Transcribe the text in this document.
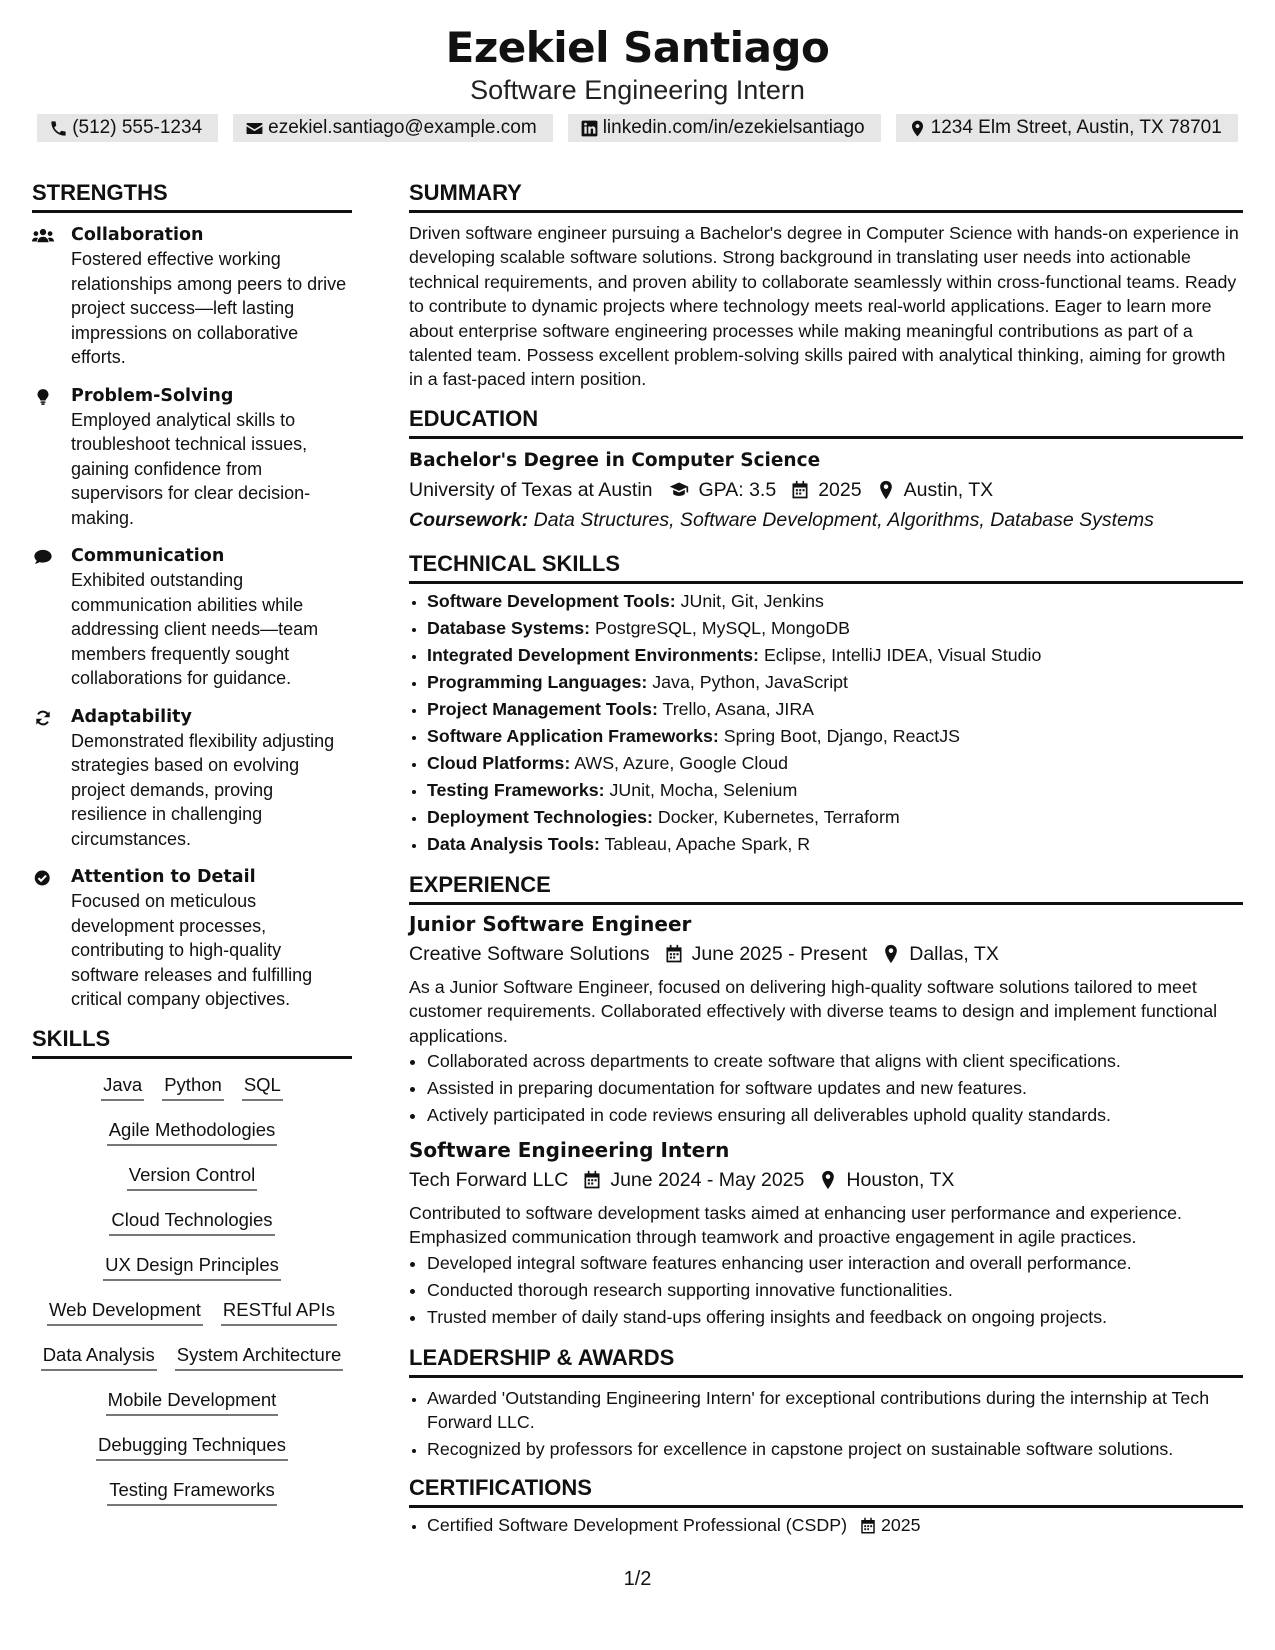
Ezekiel Santiago
Software Engineering Intern
(512) 555-1234	ezekiel.santiago@example.com	linkedin.com/in/ezekielsantiago	1234 Elm Street, Austin, TX 78701
STRENGTHS
Collaboration
Fostered effective working relationships among peers to drive project success—left lasting impressions on collaborative efforts.
Problem-Solving
Employed analytical skills to troubleshoot technical issues, gaining confidence from supervisors for clear decision-making.
Communication
Exhibited outstanding communication abilities while addressing client needs—team members frequently sought collaborations for guidance.
Adaptability
Demonstrated flexibility adjusting strategies based on evolving project demands, proving resilience in challenging circumstances.
Attention to Detail
Focused on meticulous development processes, contributing to high-quality software releases and fulfilling critical company objectives.
SKILLS
Java Python SQL
Agile Methodologies
Version Control
Cloud Technologies
UX Design Principles
Web Development RESTful APIs
Data Analysis System Architecture
Mobile Development
Debugging Techniques
Testing Frameworks
SUMMARY

Driven software engineer pursuing a Bachelor's degree in Computer Science with hands-on experience in developing scalable software solutions. Strong background in translating user needs into actionable technical requirements, and proven ability to collaborate seamlessly within cross-functional teams. Ready to contribute to dynamic projects where technology meets real-world applications. Eager to learn more about enterprise software engineering processes while making meaningful contributions as part of a talented team. Possess excellent problem-solving skills paired with analytical thinking, aiming for growth in a fast-paced intern position.

EDUCATION
Bachelor's Degree in Computer Science
University of Texas at Austin GPA: 3.5 2025 Austin, TX
Coursework: Data Structures, Software Development, Algorithms, Database Systems
TECHNICAL SKILLS
• Software Development Tools: JUnit, Git, Jenkins
• Database Systems: PostgreSQL, MySQL, MongoDB
• Integrated Development Environments: Eclipse, IntelliJ IDEA, Visual Studio
• Programming Languages: Java, Python, JavaScript
• Project Management Tools: Trello, Asana, JIRA
• Software Application Frameworks: Spring Boot, Django, ReactJS
• Cloud Platforms: AWS, Azure, Google Cloud
• Testing Frameworks: JUnit, Mocha, Selenium
• Deployment Technologies: Docker, Kubernetes, Terraform
• Data Analysis Tools: Tableau, Apache Spark, R
EXPERIENCE
Junior Software Engineer
Creative Software Solutions June 2025 - Present Dallas, TX
As a Junior Software Engineer, focused on delivering high-quality software solutions tailored to meet customer requirements. Collaborated effectively with diverse teams to design and implement functional applications.
• Collaborated across departments to create software that aligns with client specifications.
• Assisted in preparing documentation for software updates and new features.
• Actively participated in code reviews ensuring all deliverables uphold quality standards.
Software Engineering Intern
Tech Forward LLC June 2024 - May 2025 Houston, TX
Contributed to software development tasks aimed at enhancing user performance and experience. Emphasized communication through teamwork and proactive engagement in agile practices.
• Developed integral software features enhancing user interaction and overall performance.
• Conducted thorough research supporting innovative functionalities.
• Trusted member of daily stand-ups offering insights and feedback on ongoing projects.
LEADERSHIP & AWARDS
• Awarded 'Outstanding Engineering Intern' for exceptional contributions during the internship at Tech Forward LLC.
• Recognized by professors for excellence in capstone project on sustainable software solutions.
CERTIFICATIONS
• Certified Software Development Professional (CSDP) 2025
1/2
